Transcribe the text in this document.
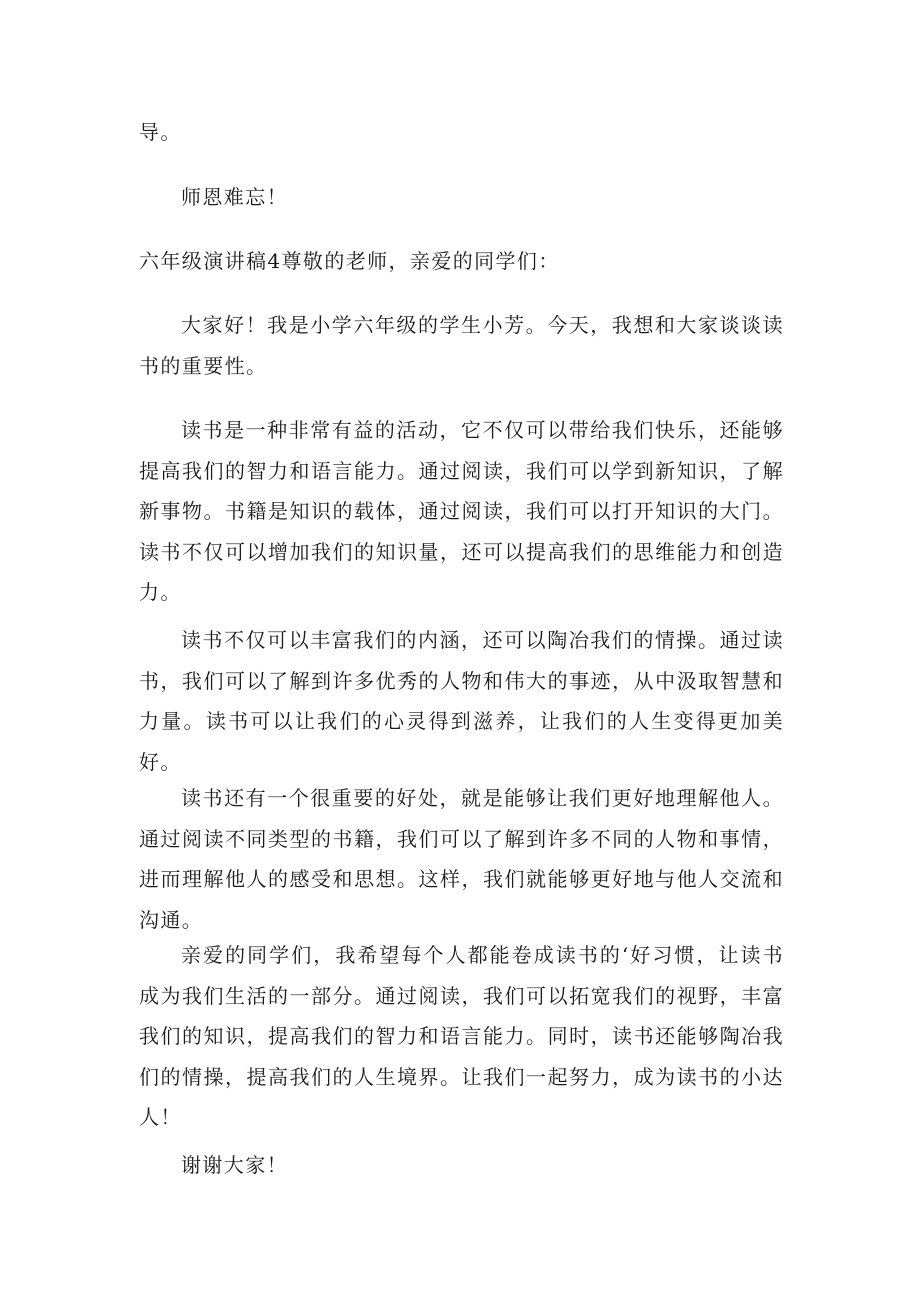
导。

师恩难忘！

六年级演讲稿4尊敬的老师，亲爱的同学们：

大家好！我是小学六年级的学生小芳。今天，我想和大家谈谈读书的重要性。

读书是一种非常有益的活动，它不仅可以带给我们快乐，还能够提高我们的智力和语言能力。通过阅读，我们可以学到新知识，了解新事物。书籍是知识的载体，通过阅读，我们可以打开知识的大门。读书不仅可以增加我们的知识量，还可以提高我们的思维能力和创造力。

读书不仅可以丰富我们的内涵，还可以陶冶我们的情操。通过读书，我们可以了解到许多优秀的人物和伟大的事迹，从中汲取智慧和力量。读书可以让我们的心灵得到滋养，让我们的人生变得更加美好。

读书还有一个很重要的好处，就是能够让我们更好地理解他人。通过阅读不同类型的书籍，我们可以了解到许多不同的人物和事情，进而理解他人的感受和思想。这样，我们就能够更好地与他人交流和沟通。

亲爱的同学们，我希望每个人都能卷成读书的‘好习惯，让读书成为我们生活的一部分。通过阅读，我们可以拓宽我们的视野，丰富我们的知识，提高我们的智力和语言能力。同时，读书还能够陶冶我们的情操，提高我们的人生境界。让我们一起努力，成为读书的小达人！

谢谢大家！
